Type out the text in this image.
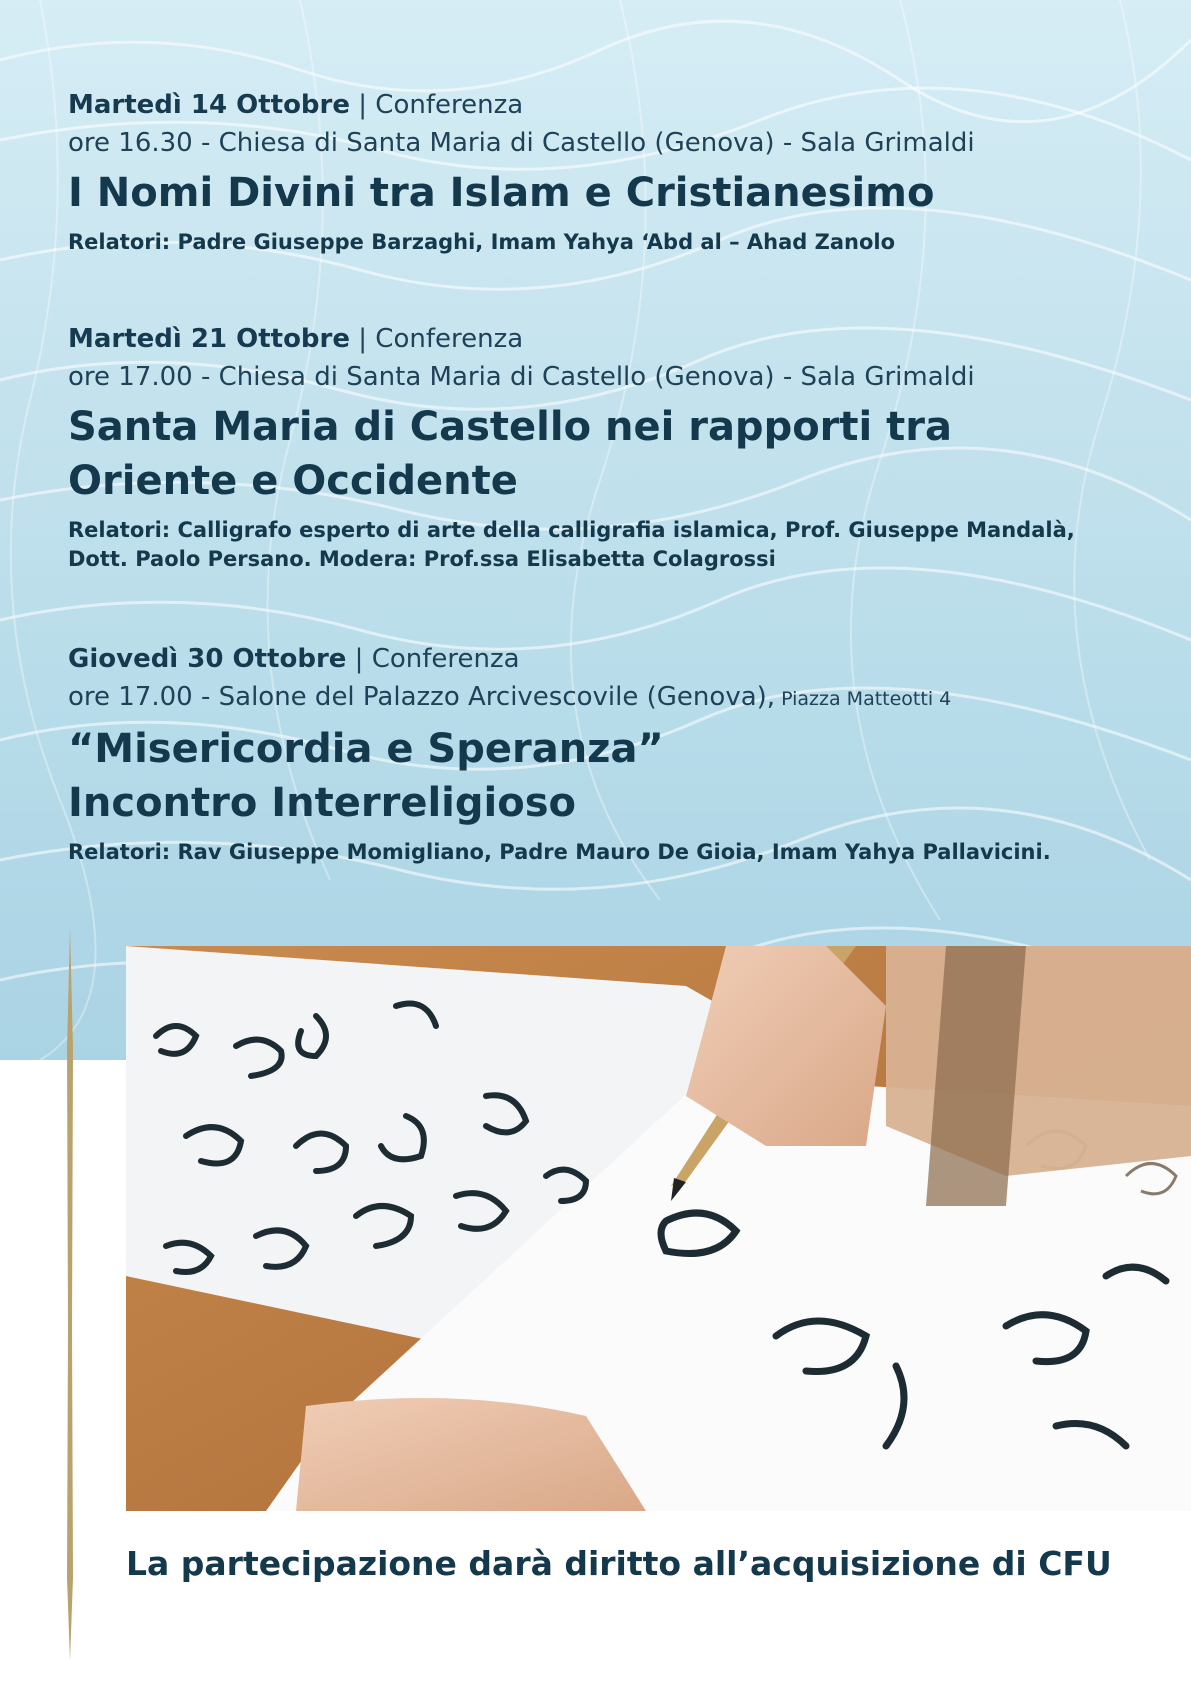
Martedì 14 Ottobre | Conferenza
ore 16.30 - Chiesa di Santa Maria di Castello (Genova) - Sala Grimaldi
I Nomi Divini tra Islam e Cristianesimo
Relatori: Padre Giuseppe Barzaghi, Imam Yahya ‘Abd al – Ahad Zanolo
Martedì 21 Ottobre | Conferenza
ore 17.00 - Chiesa di Santa Maria di Castello (Genova) - Sala Grimaldi
Santa Maria di Castello nei rapporti tra
Oriente e Occidente
Relatori: Calligrafo esperto di arte della calligrafia islamica, Prof. Giuseppe Mandalà,
Dott. Paolo Persano. Modera: Prof.ssa Elisabetta Colagrossi
Giovedì 30 Ottobre | Conferenza
ore 17.00 - Salone del Palazzo Arcivescovile (Genova), Piazza Matteotti 4
“Misericordia e Speranza”
Incontro Interreligioso
Relatori: Rav Giuseppe Momigliano, Padre Mauro De Gioia, Imam Yahya Pallavicini.
La partecipazione darà diritto all’acquisizione di CFU
